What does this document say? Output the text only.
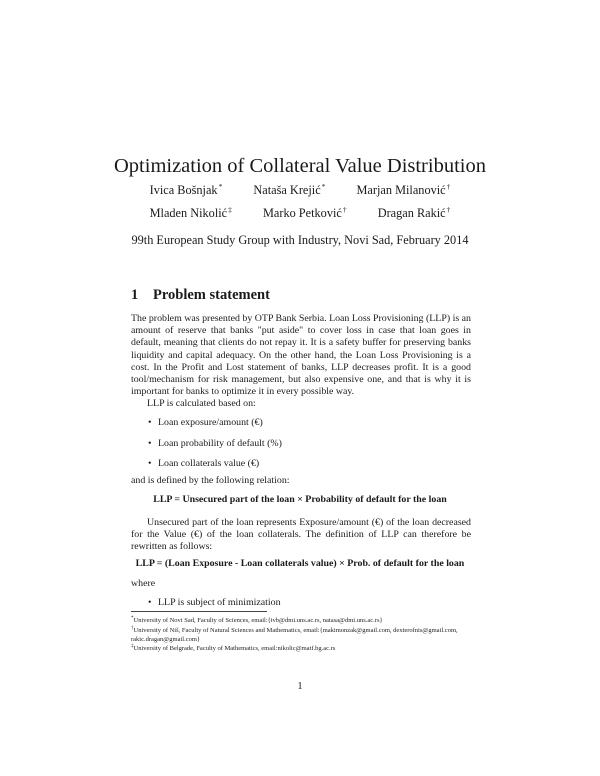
Optimization of Collateral Value Distribution
Ivica Bošnjak*	Nataša Krejić*	Marjan Milanović†
Mladen Nikolić‡	Marko Petković†	Dragan Rakić†
99th European Study Group with Industry, Novi Sad, February 2014
1 Problem statement
The problem was presented by OTP Bank Serbia. Loan Loss Provisioning (LLP) is an amount of reserve that banks "put aside" to cover loss in case that loan goes in default, meaning that clients do not repay it. It is a safety buffer for preserving banks liquidity and capital adequacy. On the other hand, the Loan Loss Provisioning is a cost. In the Profit and Lost statement of banks, LLP decreases profit. It is a good tool/mechanism for risk management, but also expensive one, and that is why it is important for banks to optimize it in every possible way.
LLP is calculated based on:
• Loan exposure/amount (€)
• Loan probability of default (%)
• Loan collaterals value (€)
and is defined by the following relation:
LLP = Unsecured part of the loan × Probability of default for the loan
Unsecured part of the loan represents Exposure/amount (€) of the loan decreased for the Value (€) of the loan collaterals. The definition of LLP can therefore be rewritten as follows:
LLP = (Loan Exposure - Loan collaterals value) × Prob. of default for the loan
where
• LLP is subject of minimization
*University of Novi Sad, Faculty of Sciences, email:{ivb@dmi.uns.ac.rs, natasa@dmi.uns.ac.rs}
†University of Niš, Faculty of Natural Sciences and Mathematics, email:{makimonzak@gmail.com, dexterofnis@gmail.com, rakic.dragan@gmail.com}
‡University of Belgrade, Faculty of Mathematics, email:nikolic@matf.bg.ac.rs
1
